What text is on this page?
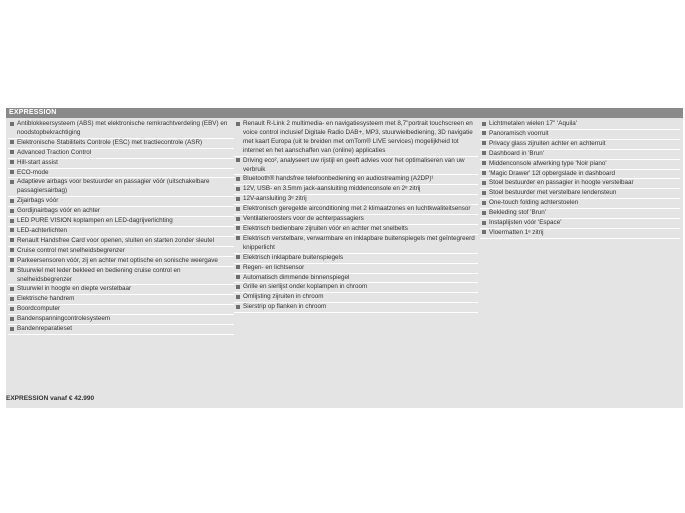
EXPRESSION
Antiblokkeersysteem (ABS) met elektronische remkrachtverdeling (EBV) en noodstopbekrachtiging
Elektronische Stabiliteits Controle (ESC) met tractiecontrole (ASR)
Advanced Traction Control
Hill-start assist
ECO-mode
Adaptieve airbags voor bestuurder en passagier vóór (uitschakelbare passagiersairbag)
Zijairbags vóór
Gordijnairbags vóór en achter
LED PURE VISION koplampen en LED-dagrijverlichting
LED-achterlichten
Renault Handsfree Card voor openen, sluiten en starten zonder sleutel
Cruise control met snelheidsbegrenzer
Parkeersensoren vóór, zij en achter met optische en sonische weergave
Stuurwiel met leder bekleed en bediening cruise control en snelheidsbegrenzer
Stuurwiel in hoogte en diepte verstelbaar
Elektrische handrem
Boordcomputer
Bandenspanningcontrolesysteem
Bandenreparatieset
Renault R-Link 2 multimedia- en navigatiesysteem met 8,7"portrait touchscreen en voice control inclusief Digitale Radio DAB+, MP3, stuurwielbediening, 3D navigatie met kaart Europa (uit te breiden met omTom® LIVE services) mogelijkheid tot internet en het aanschaffen van (online) applicaties
Driving eco², analyseert uw rijstijl en geeft advies voor het optimaliseren van uw verbruik
Bluetooth® handsfree telefoonbediening en audiostreaming (A2DP)¹
12V, USB- en 3.5mm jack-aansluiting middenconsole en 2ᵉ zitrij
12V-aansluiting 3ᵉ zitrij
Elektronisch geregelde airconditioning met 2 klimaatzones en luchtkwaliteitsensor
Ventilatieroosters voor de achterpassagiers
Elektrisch bedienbare zijruiten vóór en achter met snelbelts
Elektrisch verstelbare, verwarmbare en inklapbare buitenspiegels met geïntegreerd knipperlicht
Elektrisch inklapbare buitenspiegels
Regen- en lichtsensor
Automatisch dimmende binnenspiegel
Grille en sierlijst onder koplampen in chroom
Omlijsting zijruiten in chroom
Sierstrip op flanken in chroom
Lichtmetalen wielen 17" 'Aquila'
Panoramisch voorruit
Privacy glass zijruiten achter en achterruit
Dashboard in 'Brun'
Middenconsole afwerking type 'Noir piano'
'Magic Drawer' 12l opbergslade in dashboard
Stoel bestuurder en passagier in hoogte verstelbaar
Stoel bestuurder met verstelbare lendensteun
One-touch folding achterstoelen
Bekleding stof 'Brun'
Instaplijsten vóór 'Espace'
Vloermatten 1ᵉ zitrij
EXPRESSION vanaf € 42.990
